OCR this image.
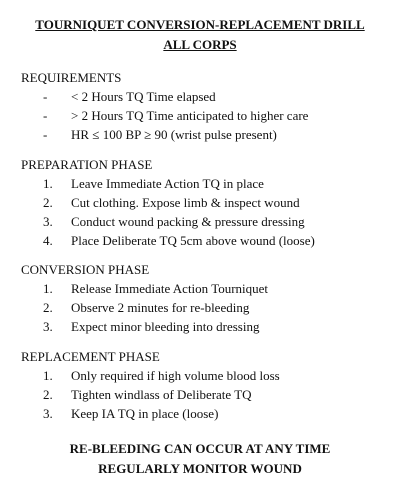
TOURNIQUET CONVERSION-REPLACEMENT DRILL
ALL CORPS
REQUIREMENTS
-	< 2 Hours TQ Time elapsed
-	> 2 Hours TQ Time anticipated to higher care
-	HR ≤ 100 BP ≥ 90 (wrist pulse present)
PREPARATION PHASE
1.	Leave Immediate Action TQ in place
2.	Cut clothing. Expose limb & inspect wound
3.	Conduct wound packing & pressure dressing
4.	Place Deliberate TQ 5cm above wound (loose)
CONVERSION PHASE
1.	Release Immediate Action Tourniquet
2.	Observe 2 minutes for re-bleeding
3.	Expect minor bleeding into dressing
REPLACEMENT PHASE
1.	Only required if high volume blood loss
2.	Tighten windlass of Deliberate TQ
3.	Keep IA TQ in place (loose)
RE-BLEEDING CAN OCCUR AT ANY TIME
REGULARLY MONITOR WOUND
